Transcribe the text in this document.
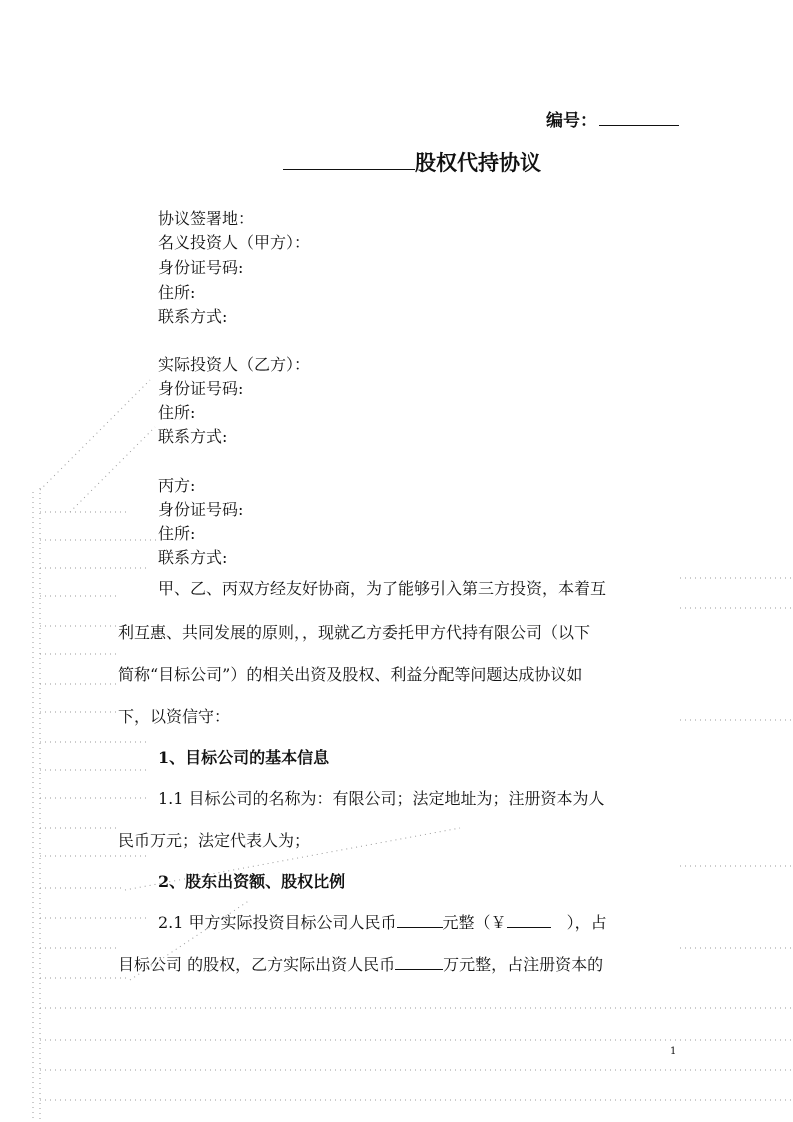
编号：
股权代持协议
协议签署地：
名义投资人（甲方）：
身份证号码:
住所:
联系方式:
实际投资人（乙方）：
身份证号码:
住所:
联系方式:
丙方:
身份证号码:
住所:
联系方式:
甲、乙、丙双方经友好协商，为了能够引入第三方投资，本着互
利互惠、共同发展的原则，，现就乙方委托甲方代持有限公司（以下
简称“目标公司”）的相关出资及股权、利益分配等问题达成协议如
下，以资信守：
1、目标公司的基本信息
1.1 目标公司的名称为：有限公司；法定地址为；注册资本为人
民币万元；法定代表人为；
2、股东出资额、股权比例
2.1 甲方实际投资目标公司人民币	元整（￥	），占
目标公司 的股权，乙方实际出资人民币	万元整，占注册资本的
1
